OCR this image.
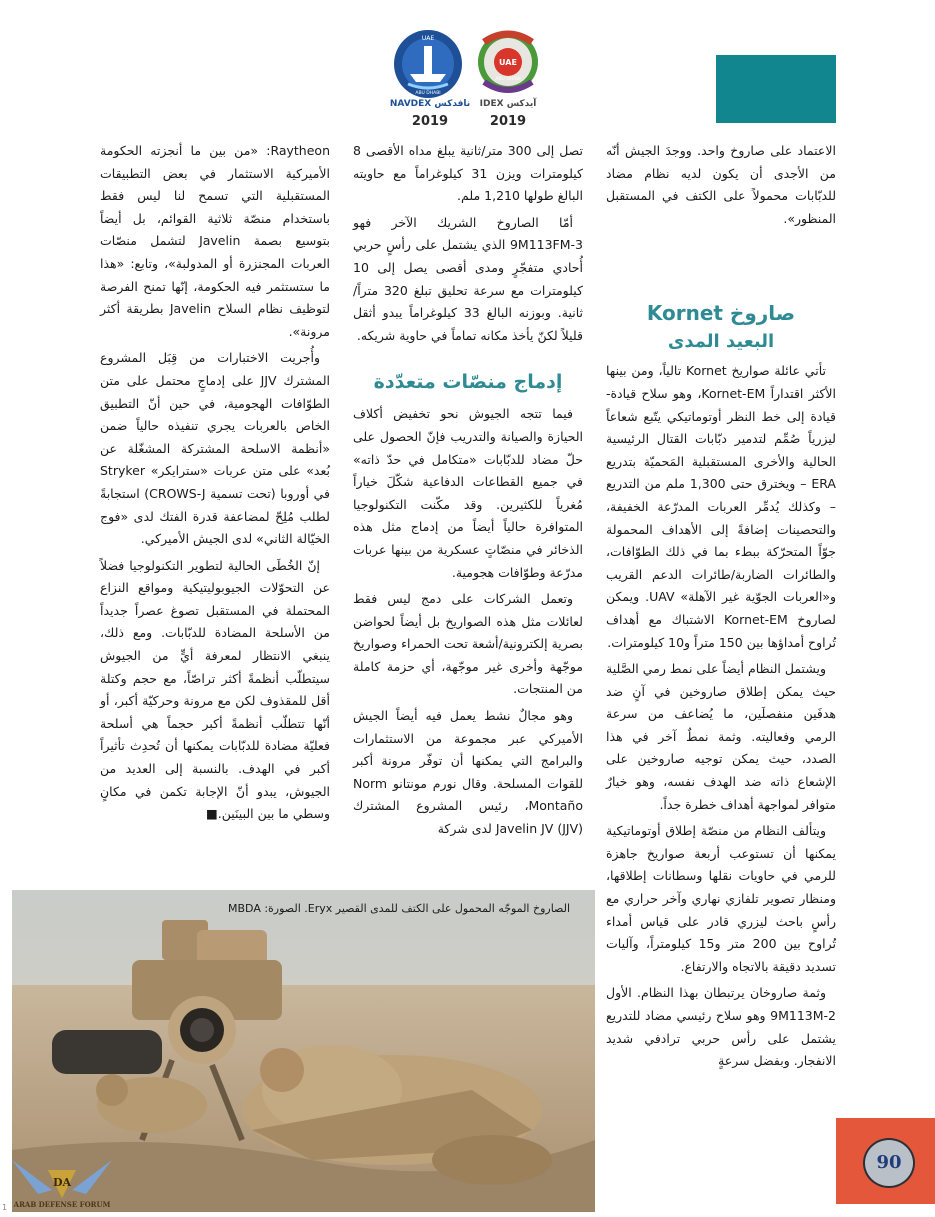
UAE
ABU DHABI
UAE
ABU DHABI
NAVDEX نافدكس IDEX آيدكس
2019	2019

الاعتماد على صاروخ واحد. ووجدَ الجيش أنّه من الأجدى أن يكون لديه نظام مضاد للدبّابات محمولاً على الكتف في المستقبل المنظور».

صاروخ Kornet
البعيد المدى

تأتي عائلة صواريخ Kornet تالياً، ومن بينها الأكثر اقتداراً Kornet-EM، وهو سلاح قيادة-قيادة إلى خط النظر أوتوماتيكي يتّبع شعاعاً ليزرياً صُمِّم لتدمير دبّابات القتال الرئيسية الحالية والأخرى المستقبلية المَحميّة بتدريع ERA – ويخترق حتى 1,300 ملم من التدريع – وكذلك يُدمِّر العربات المدرّعة الخفيفة، والتحصينات إضافةً إلى الأهداف المحمولة جوّاً المتحرّكة ببطء بما في ذلك الطوّافات، والطائرات الضاربة/طائرات الدعم القريب و«العربات الجوّية غير الآهلة» UAV. ويمكن لصاروخ Kornet-EM الاشتباك مع أهداف تُراوح أمداؤها بين 150 متراً و10 كيلومترات.

ويشتمل النظام أيضاً على نمط رمي الصَّلية حيث يمكن إطلاق صاروخين في آنٍ ضد هدفَين منفصلَين، ما يُضاعف من سرعة الرمي وفعاليته. وثمة نمطٌ آخر في هذا الصدد، حيث يمكن توجيه صاروخين على الإشعاع ذاته ضد الهدف نفسه، وهو خيارٌ متوافر لمواجهة أهداف خطرة جداً.

ويتألف النظام من منصّة إطلاق أوتوماتيكية يمكنها أن تستوعب أربعة صواريخ جاهزة للرمي في حاويات نقلها وسطانات إطلاقها، ومنظار تصوير تلفازي نهاري وآخر حراري مع رأسٍ باحث ليزري قادر على قياس أمداء تُراوح بين 200 متر و15 كيلومتراً، وآليات تسديد دقيقة بالاتجاه والارتفاع.

وثمة صاروخان يرتبطان بهذا النظام. الأول 9M113M-2 وهو سلاح رئيسي مضاد للتدريع يشتمل على رأس حربي ترادفي شديد الانفجار. وبفضل سرعةٍ

تصل إلى 300 متر/ثانية يبلغ مداه الأقصى 8 كيلومترات ويزن 31 كيلوغراماً مع حاويته البالغ طولها 1,210 ملم.

أمّا الصاروخ الشريك الآخر فهو 9M113FM-3 الذي يشتمل على رأسٍ حربي أُحادي متفجّرٍ ومدى أقصى يصل إلى 10 كيلومترات مع سرعة تحليق تبلغ 320 متراً/ثانية. وبوزنه البالغ 33 كيلوغراماً يبدو أثقل قليلاً لكنّ يأخذ مكانه تماماً في حاوية شريكه.

إدماج منصّات متعدّدة

فيما تتجه الجيوش نحو تخفيض أكلاف الحيازة والصيانة والتدريب فإنّ الحصول على حلّ مضاد للدبّابات «متكامل في حدّ ذاته» في جميع القطاعات الدفاعية شكّلَ خياراً مُغرياً للكثيرين. وقد مكّنت التكنولوجيا المتوافرة حالياً أيضاً من إدماج مثل هذه الذخائر في منصّاتٍ عسكرية من بينها عربات مدرّعة وطوّافات هجومية.

وتعمل الشركات على دمج ليس فقط لعائلات مثل هذه الصواريخ بل أيضاً لحواضن بصرية إلكترونية/أشعة تحت الحمراء وصواريخ موجّهة وأخرى غير موجّهة، أي حزمة كاملة من المنتجات.

وهو مجالٌ نشط يعمل فيه أيضاً الجيش الأميركي عبر مجموعة من الاستثمارات والبرامج التي يمكنها أن توفّر مرونة أكبر للقوات المسلحة. وقال نورم مونتانو Norm Montaño، رئيس المشروع المشترك Javelin JV (JJV) لدى شركة

Raytheon: «من بين ما أنجزته الحكومة الأميركية الاستثمار في بعض التطبيقات المستقبلية التي تسمح لنا ليس فقط باستخدام منصّة ثلاثية القوائم، بل أيضاً بتوسيع بصمة Javelin لتشمل منصّات العربات المجنزرة أو المدولبة»، وتابع: «هذا ما ستستثمر فيه الحكومة، إنّها تمنح الفرصة لتوظيف نظام السلاح Javelin بطريقة أكثر مرونة».

وأُجريت الاختبارات من قِبَل المشروع المشترك JJV على إدماجٍ محتمل على متن الطوّافات الهجومية، في حين أنّ التطبيق الخاص بالعربات يجري تنفيذه حالياً ضمن «أنظمة الاسلحة المشتركة المشغّلة عن بُعد» على متن عربات «سترايكر» Stryker في أوروبا (تحت تسمية CROWS-J) استجابةً لطلب مُلِحّ لمضاعفة قدرة الفتك لدى «فوج الخيّالة الثاني» لدى الجيش الأميركي.

إنّ الخُطَى الحالية لتطوير التكنولوجيا فضلاً عن التحوّلات الجيوبوليتيكية ومواقع النزاع المحتملة في المستقبل تصوغ عصراً جديداً من الأسلحة المضادة للدبّابات. ومع ذلك، ينبغي الانتظار لمعرفة أيٍّ من الجيوش سيتطلّب أنظمةً أكثر تراصّاً، مع حجم وكتلة أقل للمقذوف لكن مع مرونة وحركيّة أكبر، أو أنّها تتطلّب أنظمةً أكبر حجماً هي أسلحة فعليّة مضادة للدبّابات يمكنها أن تُحدِث تأثيراً أكبر في الهدف. بالنسبة إلى العديد من الجيوش، يبدو أنّ الإجابة تكمن في مكانٍ وسطي ما بين البينَين.■

الصاروخ الموجّه المحمول على الكتف للمدى القصير Eryx. الصورة: MBDA
DA
ARAB DEFENSE FORUM
1
90
